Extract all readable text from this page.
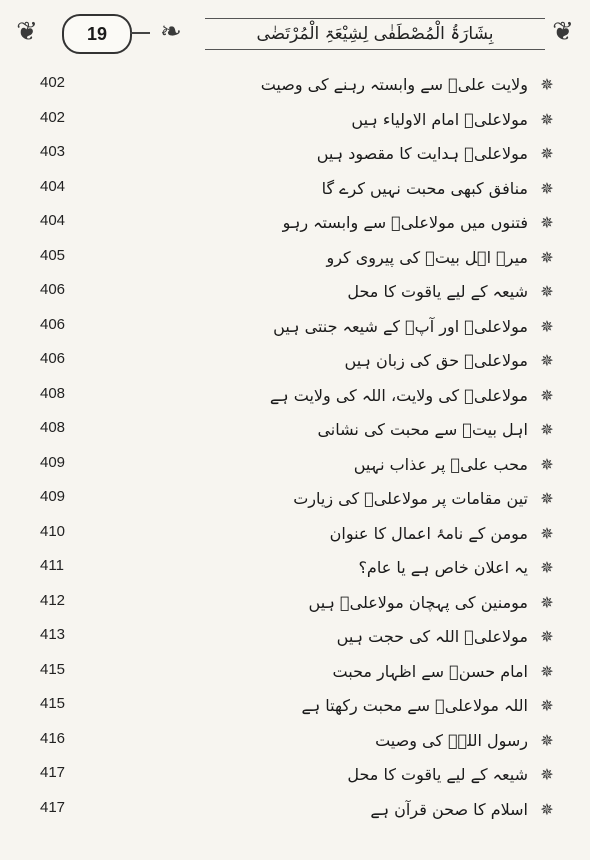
❦	19	❧	بِشَارَۃُ الْمُصْطَفٰی لِشِیْعَۃِ الْمُرْتَضٰی	❦
402	ولایت علیؑ سے وابستہ رہنے کی وصیت ✵
402	مولاعلیؑ امام الاولیاء ہیں ✵
403	مولاعلیؑ ہدایت کا مقصود ہیں ✵
404	منافق کبھی محبت نہیں کرے گا ✵
404	فتنوں میں مولاعلیؑ سے وابستہ رہو ✵
405	میرے اہل بیتؑ کی پیروی کرو ✵
406	شیعہ کے لیے یاقوت کا محل ✵
406	مولاعلیؑ اور آپؑ کے شیعہ جنتی ہیں ✵
406	مولاعلیؑ حق کی زبان ہیں ✵
408	مولاعلیؑ کی ولایت، اللہ کی ولایت ہے ✵
408	اہل بیتؑ سے محبت کی نشانی ✵
409	محب علیؑ پر عذاب نہیں ✵
409	تین مقامات پر مولاعلیؑ کی زیارت ✵
410	مومن کے نامۂ اعمال کا عنوان ✵
411	یہ اعلان خاص ہے یا عام؟ ✵
412	مومنین کی پہچان مولاعلیؑ ہیں ✵
413	مولاعلیؑ اللہ کی حجت ہیں ✵
415	امام حسنؑ سے اظہار محبت ✵
415	اللہ مولاعلیؑ سے محبت رکھتا ہے ✵
416	رسول اللہؐ کی وصیت ✵
417	شیعہ کے لیے یاقوت کا محل ✵
417	اسلام کا صحن قرآن ہے ✵
